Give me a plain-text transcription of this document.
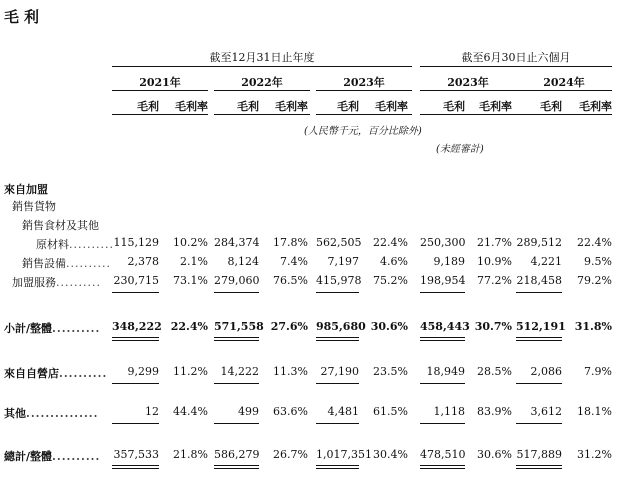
毛利
截至12月31日止年度	截至6月30日止六個月
2021年	2022年	2023年	2023年	2024年
毛利	毛利率	毛利	毛利率	毛利	毛利率	毛利	毛利率	毛利	毛利率
(人民幣千元，百分比除外)
(未經審計)
來自加盟
銷售貨物
銷售食材及其他
原材料.......... 115,129	10.2% 284,374	17.8% 562,505	22.4% 250,300	21.7% 289,512	22.4%
銷售設備..........	2,378	2.1%	8,124	7.4%	7,197	4.6%	9,189	10.9%	4,221	9.5%
加盟服務.......... 230,715	73.1% 279,060	76.5% 415,978	75.2% 198,954	77.2% 218,458	79.2%
小計/整體.......... 348,222 22.4% 571,558 27.6% 985,680 30.6% 458,443 30.7% 512,191 31.8%
來自自營店..........	9,299	11.2%	14,222	11.3%	27,190	23.5%	18,949	28.5%	2,086	7.9%
其他...............	12	44.4%	499	63.6%	4,481	61.5%	1,118	83.9%	3,612	18.1%
總計/整體.......... 357,533	21.8% 586,279	26.7% 1,017,351 30.4% 478,510	30.6% 517,889	31.2%
